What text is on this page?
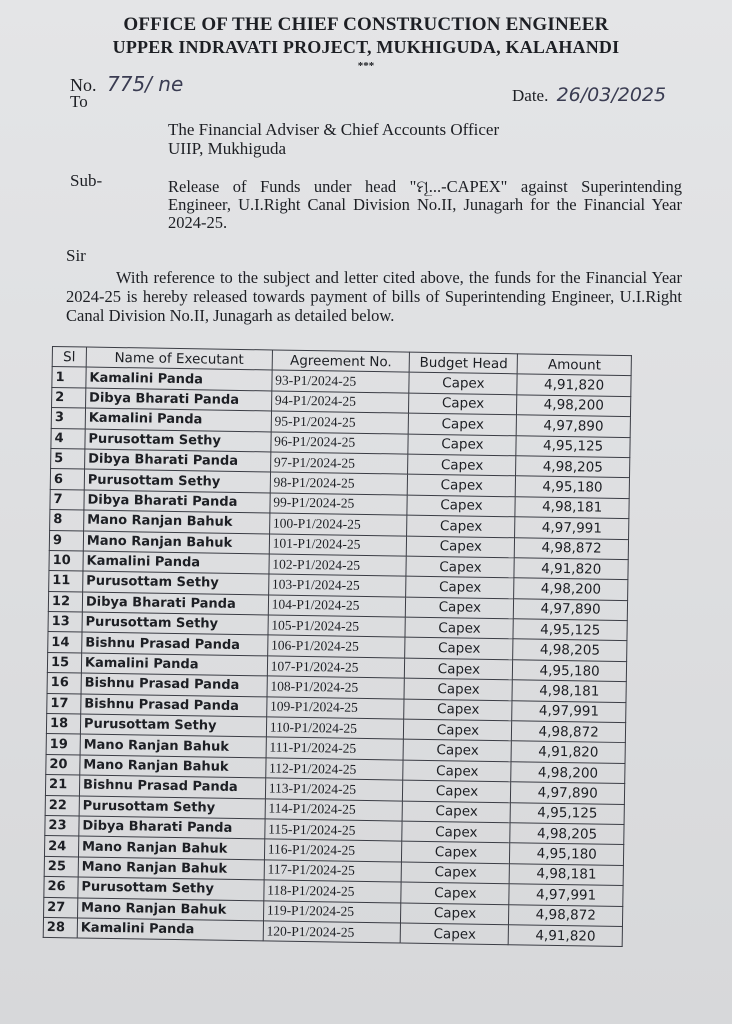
OFFICE OF THE CHIEF CONSTRUCTION ENGINEER
UPPER INDRAVATI PROJECT, MUKHIGUDA, KALAHANDI
***
No. 775/ ne
To	Date. 26/03/2025
The Financial Adviser & Chief Accounts Officer
UIIP, Mukhiguda
Sub-	Release of Funds under head "ମୂ...-CAPEX" against Superintending Engineer, U.I.Right Canal Division No.II, Junagarh for the Financial Year 2024-25.
Sir
With reference to the subject and letter cited above, the funds for the Financial Year 2024-25 is hereby released towards payment of bills of Superintending Engineer, U.I.Right Canal Division No.II, Junagarh as detailed below.
Sl	Name of Executant	Agreement No.	Budget Head	Amount
1	Kamalini Panda	93-P1/2024-25	Capex	4,91,820
2	Dibya Bharati Panda	94-P1/2024-25	Capex	4,98,200
3	Kamalini Panda	95-P1/2024-25	Capex	4,97,890
4	Purusottam Sethy	96-P1/2024-25	Capex	4,95,125
5	Dibya Bharati Panda	97-P1/2024-25	Capex	4,98,205
6	Purusottam Sethy	98-P1/2024-25	Capex	4,95,180
7	Dibya Bharati Panda	99-P1/2024-25	Capex	4,98,181
8	Mano Ranjan Bahuk	100-P1/2024-25	Capex	4,97,991
9	Mano Ranjan Bahuk	101-P1/2024-25	Capex	4,98,872
10	Kamalini Panda	102-P1/2024-25	Capex	4,91,820
11	Purusottam Sethy	103-P1/2024-25	Capex	4,98,200
12	Dibya Bharati Panda	104-P1/2024-25	Capex	4,97,890
13	Purusottam Sethy	105-P1/2024-25	Capex	4,95,125
14	Bishnu Prasad Panda	106-P1/2024-25	Capex	4,98,205
15	Kamalini Panda	107-P1/2024-25	Capex	4,95,180
16	Bishnu Prasad Panda	108-P1/2024-25	Capex	4,98,181
17	Bishnu Prasad Panda	109-P1/2024-25	Capex	4,97,991
18	Purusottam Sethy	110-P1/2024-25	Capex	4,98,872
19	Mano Ranjan Bahuk	111-P1/2024-25	Capex	4,91,820
20	Mano Ranjan Bahuk	112-P1/2024-25	Capex	4,98,200
21	Bishnu Prasad Panda	113-P1/2024-25	Capex	4,97,890
22	Purusottam Sethy	114-P1/2024-25	Capex	4,95,125
23	Dibya Bharati Panda	115-P1/2024-25	Capex	4,98,205
24	Mano Ranjan Bahuk	116-P1/2024-25	Capex	4,95,180
25	Mano Ranjan Bahuk	117-P1/2024-25	Capex	4,98,181
26	Purusottam Sethy	118-P1/2024-25	Capex	4,97,991
27	Mano Ranjan Bahuk	119-P1/2024-25	Capex	4,98,872
28	Kamalini Panda	120-P1/2024-25	Capex	4,91,820
